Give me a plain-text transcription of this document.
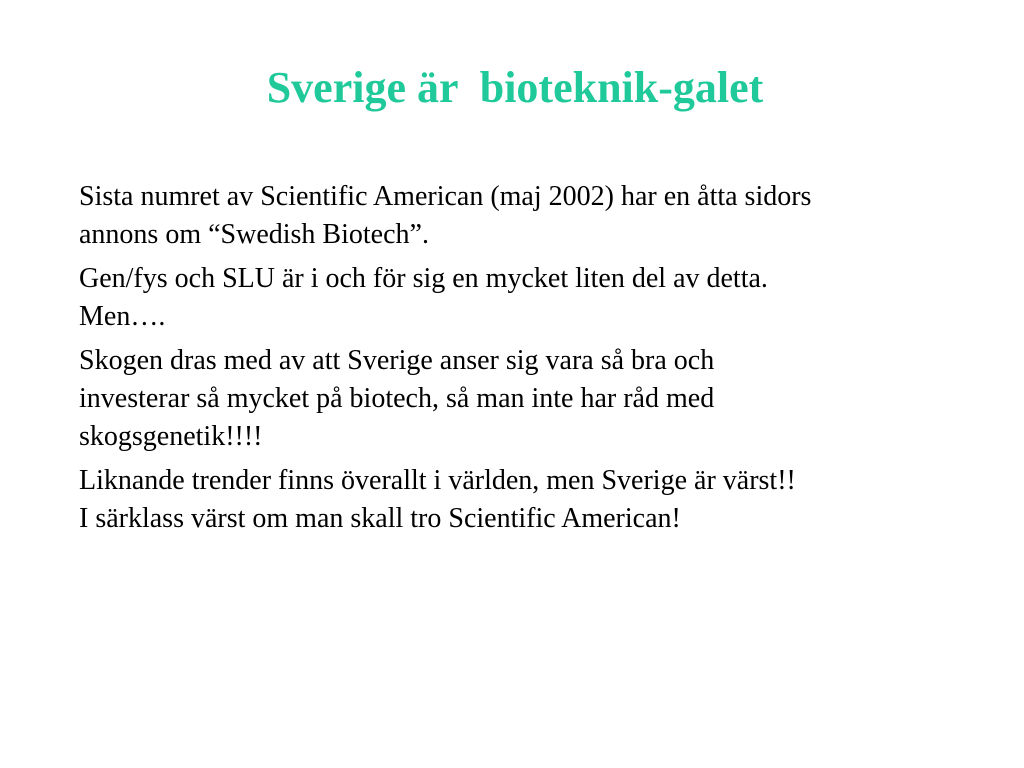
Sverige är  bioteknik-galet

Sista numret av Scientific American (maj 2002) har en åtta sidors
annons om “Swedish Biotech”.

Gen/fys och SLU är i och för sig en mycket liten del av detta.
Men….

Skogen dras med av att Sverige anser sig vara så bra och
investerar så mycket på biotech, så man inte har råd med
skogsgenetik!!!!

Liknande trender finns överallt i världen, men Sverige är värst!!
I särklass värst om man skall tro Scientific American!
